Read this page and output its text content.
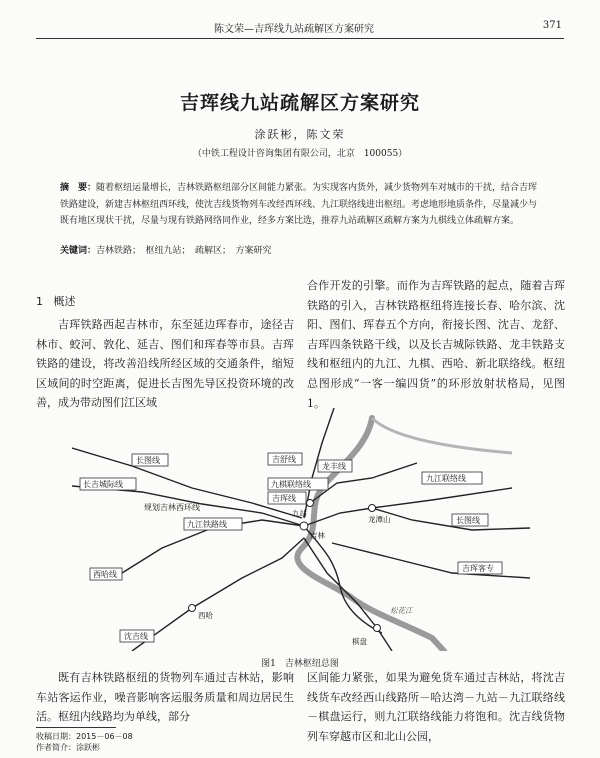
陈文荣—吉珲线九站疏解区方案研究	371
吉珲线九站疏解区方案研究
涂跃彬，陈文荣
（中铁工程设计咨询集团有限公司，北京　100055）
摘　要：随着枢纽运量增长，吉林铁路枢纽部分区间能力紧张。为实现客内货外，减少货物列车对城市的干扰，结合吉珲铁路建设，新建吉林枢纽西环线，使沈吉线货物列车改经西环线、九江联络线进出枢纽。考虑地形地质条件，尽量减少与既有地区现状干扰，尽量与现有铁路网络同作业，经多方案比选，推荐九站疏解区疏解方案为九棋线立体疏解方案。
关键词：吉林铁路；　枢纽九站；　疏解区；　方案研究
1 概述
吉珲铁路西起吉林市，东至延边珲春市，途径吉林市、蛟河、敦化、延吉、图们和珲春等市县。吉珲铁路的建设，将改善沿线所经区域的交通条件，缩短区域间的时空距离，促进长吉图先导区投资环境的改善，成为带动图们江区域
合作开发的引擎。而作为吉珲铁路的起点，随着吉珲铁路的引入，吉林铁路枢纽将连接长春、哈尔滨、沈阳、图们、珲春五个方向，衔接长图、沈吉、龙舒、吉珲四条铁路干线，以及长吉城际铁路、龙丰铁路支线和枢纽内的九江、九棋、西哈、新北联络线。枢纽总图形成“一客一编四货”的环形放射状格局，见图1。
长图线
长吉城际线
规划吉林西环线
吉舒线
龙丰线
九江联络线
九棋联络线
吉珲线
九江铁路线	长图线
吉珲客专
西哈线
沈吉线
吉林
九站
龙潭山
棋盘
西哈
松花江
图1　吉林枢纽总图
既有吉林铁路枢纽的货物列车通过吉林站，影响车站客运作业，噪音影响客运服务质量和周边居民生活。枢纽内线路均为单线，部分
区间能力紧张，如果为避免货车通过吉林站，将沈吉线货车改经西山线路所－哈达湾－九站－九江联络线－棋盘运行，则九江联络线能力将饱和。沈吉线货物列车穿越市区和北山公园，
收稿日期：2015－06－08
作者简介：涂跃彬
